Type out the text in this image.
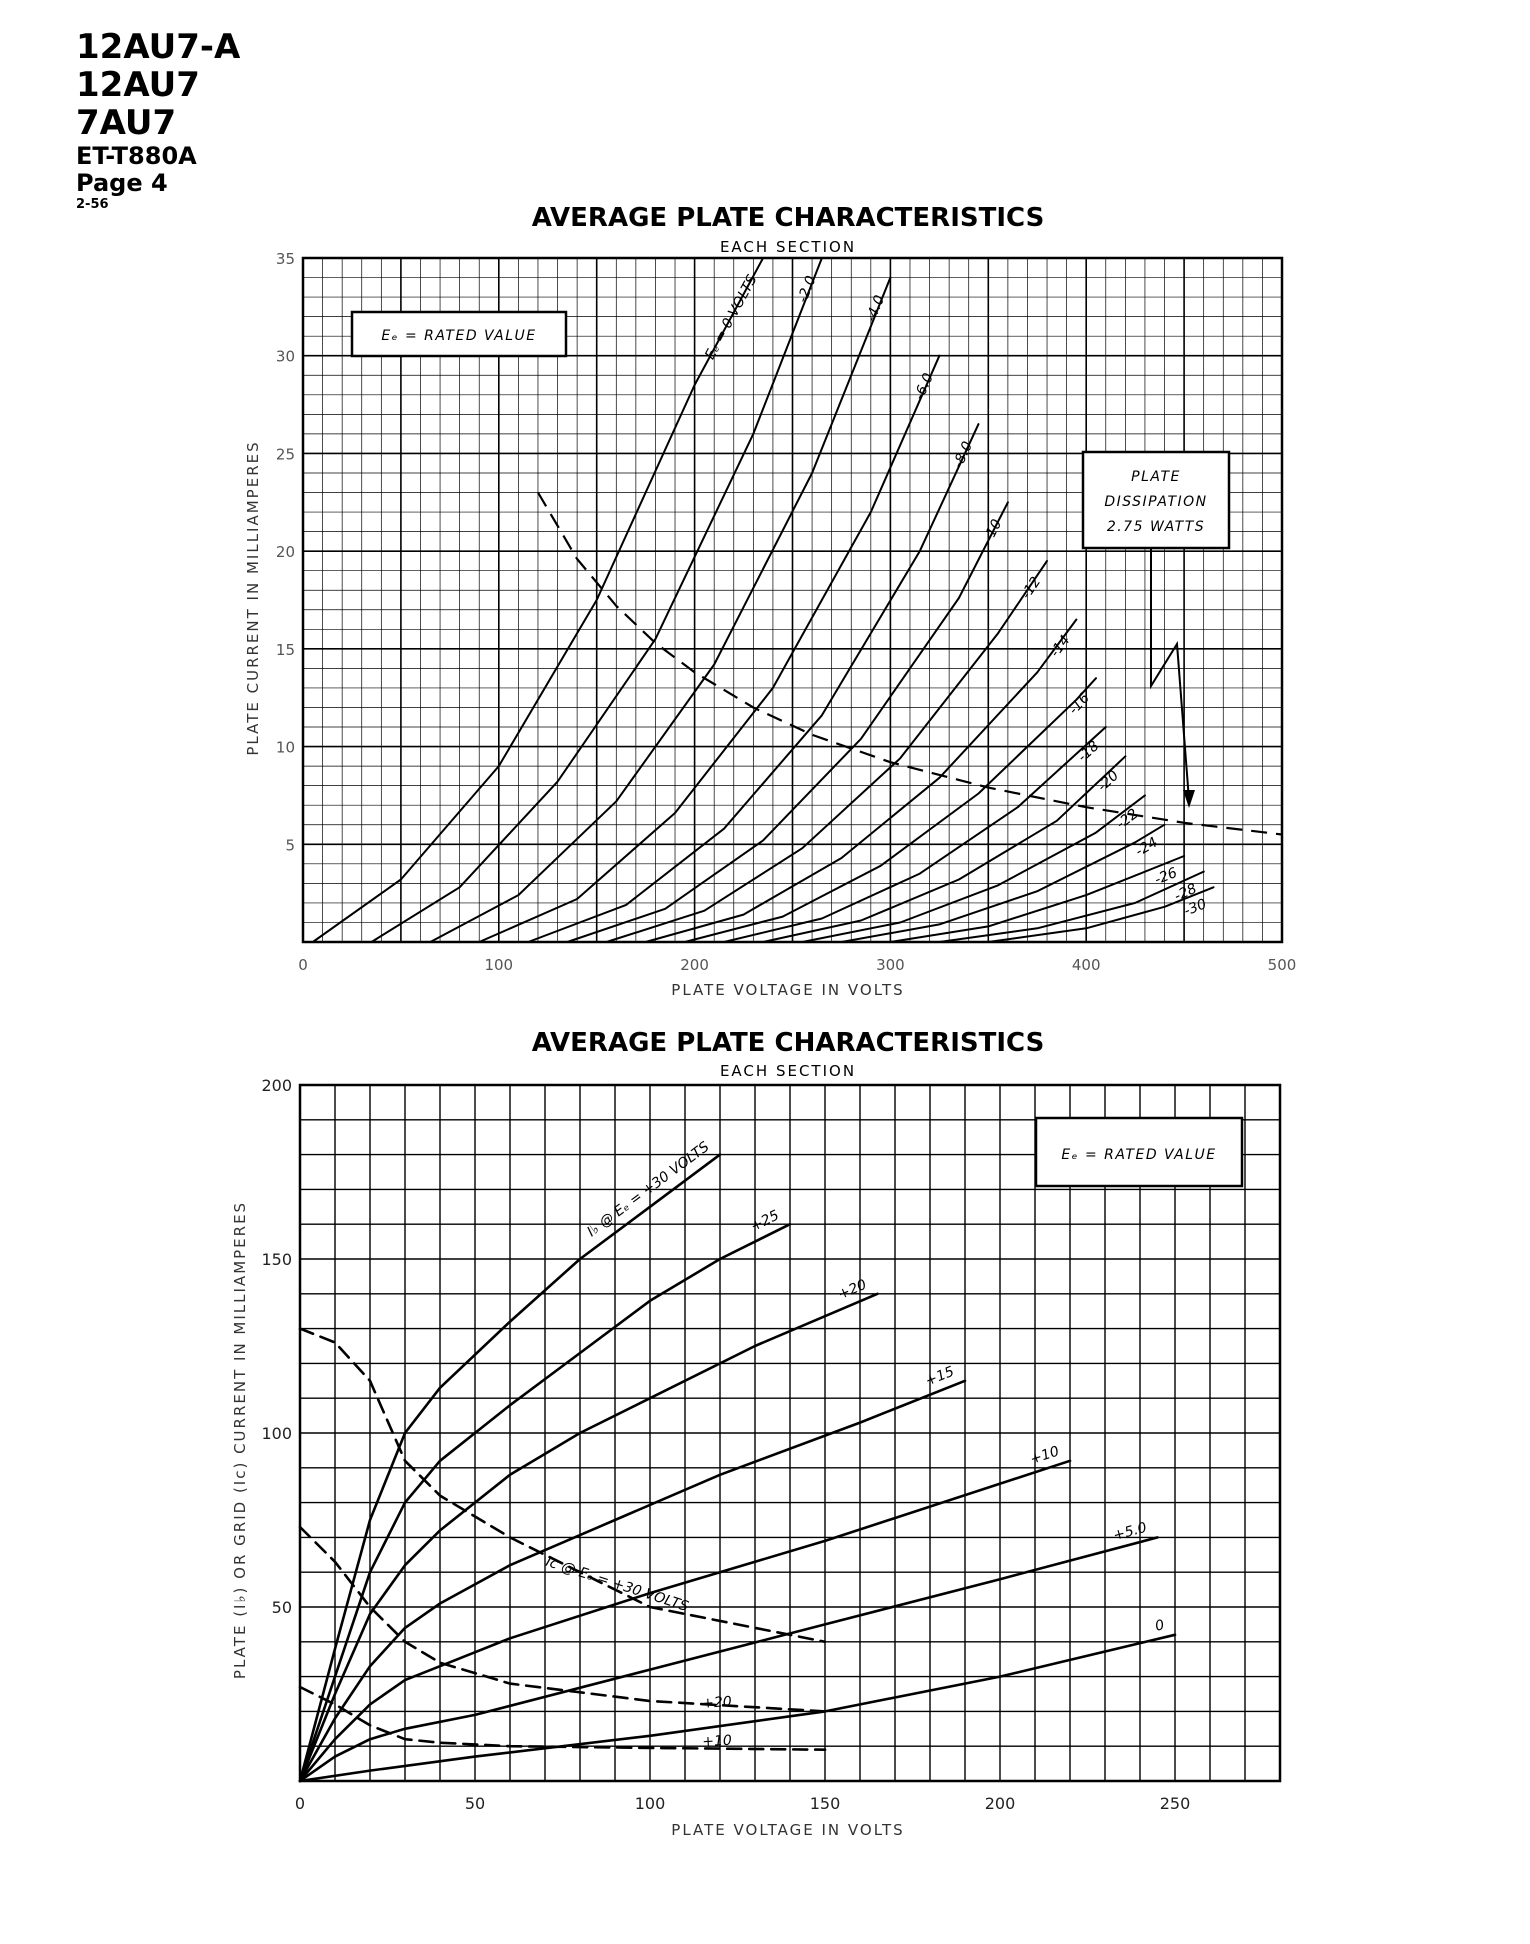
12AU7-A
12AU7
7AU7
ET-T880A
Page 4
2-56	AVERAGE PLATE CHARACTERISTICS
EACH SECTION
Eₑ = 0 VOLTS -2.0
-4.0
-6.0
-8.0
-10
-12
-14
-16
-18
-20
-22
-24
-26
-28
-30
0	100	200	300	400	500
5
10
15
20
25
30
35
PLATE VOLTAGE IN VOLTS
PLATE CURRENT IN MILLIAMPERES
Eₑ = RATED VALUE
PLATE
DISSIPATION
2.75 WATTS
AVERAGE PLATE CHARACTERISTICS
EACH SECTION
I♭ @ Eₑ = +30 VOLTS	+25
+20
+15
+10
+5.0
0
Iᴄ @ Eₑ = +30 VOLTS
+20
+10
0	50	100	150	200	250
50
100
150
200
PLATE VOLTAGE IN VOLTS
PLATE (I♭) OR GRID (Iᴄ) CURRENT IN MILLIAMPERES
Eₑ = RATED VALUE
